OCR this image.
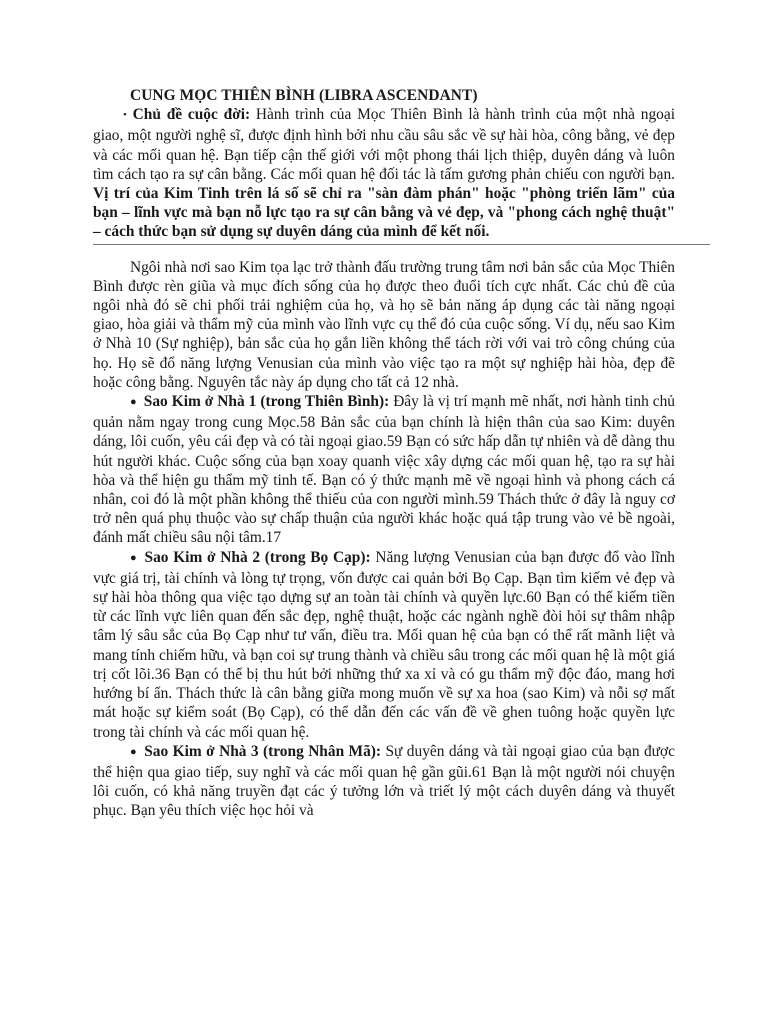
CUNG MỌC THIÊN BÌNH (LIBRA ASCENDANT)

• Chủ đề cuộc đời: Hành trình của Mọc Thiên Bình là hành trình của một nhà ngoại giao, một người nghệ sĩ, được định hình bởi nhu cầu sâu sắc về sự hài hòa, công bằng, vẻ đẹp và các mối quan hệ. Bạn tiếp cận thế giới với một phong thái lịch thiệp, duyên dáng và luôn tìm cách tạo ra sự cân bằng. Các mối quan hệ đối tác là tấm gương phản chiếu con người bạn. Vị trí của Kim Tinh trên lá số sẽ chỉ ra "sàn đàm phán" hoặc "phòng triển lãm" của bạn – lĩnh vực mà bạn nỗ lực tạo ra sự cân bằng và vẻ đẹp, và "phong cách nghệ thuật" – cách thức bạn sử dụng sự duyên dáng của mình để kết nối.

Ngôi nhà nơi sao Kim tọa lạc trở thành đấu trường trung tâm nơi bản sắc của Mọc Thiên Bình được rèn giũa và mục đích sống của họ được theo đuổi tích cực nhất. Các chủ đề của ngôi nhà đó sẽ chi phối trải nghiệm của họ, và họ sẽ bản năng áp dụng các tài năng ngoại giao, hòa giải và thẩm mỹ của mình vào lĩnh vực cụ thể đó của cuộc sống. Ví dụ, nếu sao Kim ở Nhà 10 (Sự nghiệp), bản sắc của họ gắn liền không thể tách rời với vai trò công chúng của họ. Họ sẽ đổ năng lượng Venusian của mình vào việc tạo ra một sự nghiệp hài hòa, đẹp đẽ hoặc công bằng. Nguyên tắc này áp dụng cho tất cả 12 nhà.

● Sao Kim ở Nhà 1 (trong Thiên Bình): Đây là vị trí mạnh mẽ nhất, nơi hành tinh chủ quản nằm ngay trong cung Mọc.58 Bản sắc của bạn chính là hiện thân của sao Kim: duyên dáng, lôi cuốn, yêu cái đẹp và có tài ngoại giao.59 Bạn có sức hấp dẫn tự nhiên và dễ dàng thu hút người khác. Cuộc sống của bạn xoay quanh việc xây dựng các mối quan hệ, tạo ra sự hài hòa và thể hiện gu thẩm mỹ tinh tế. Bạn có ý thức mạnh mẽ về ngoại hình và phong cách cá nhân, coi đó là một phần không thể thiếu của con người mình.59 Thách thức ở đây là nguy cơ trở nên quá phụ thuộc vào sự chấp thuận của người khác hoặc quá tập trung vào vẻ bề ngoài, đánh mất chiều sâu nội tâm.17

● Sao Kim ở Nhà 2 (trong Bọ Cạp): Năng lượng Venusian của bạn được đổ vào lĩnh vực giá trị, tài chính và lòng tự trọng, vốn được cai quản bởi Bọ Cạp. Bạn tìm kiếm vẻ đẹp và sự hài hòa thông qua việc tạo dựng sự an toàn tài chính và quyền lực.60 Bạn có thể kiếm tiền từ các lĩnh vực liên quan đến sắc đẹp, nghệ thuật, hoặc các ngành nghề đòi hỏi sự thâm nhập tâm lý sâu sắc của Bọ Cạp như tư vấn, điều tra. Mối quan hệ của bạn có thể rất mãnh liệt và mang tính chiếm hữu, và bạn coi sự trung thành và chiều sâu trong các mối quan hệ là một giá trị cốt lõi.36 Bạn có thể bị thu hút bởi những thứ xa xỉ và có gu thẩm mỹ độc đáo, mang hơi hướng bí ẩn. Thách thức là cân bằng giữa mong muốn về sự xa hoa (sao Kim) và nỗi sợ mất mát hoặc sự kiểm soát (Bọ Cạp), có thể dẫn đến các vấn đề về ghen tuông hoặc quyền lực trong tài chính và các mối quan hệ.

● Sao Kim ở Nhà 3 (trong Nhân Mã): Sự duyên dáng và tài ngoại giao của bạn được thể hiện qua giao tiếp, suy nghĩ và các mối quan hệ gần gũi.61 Bạn là một người nói chuyện lôi cuốn, có khả năng truyền đạt các ý tưởng lớn và triết lý một cách duyên dáng và thuyết phục. Bạn yêu thích việc học hỏi và
